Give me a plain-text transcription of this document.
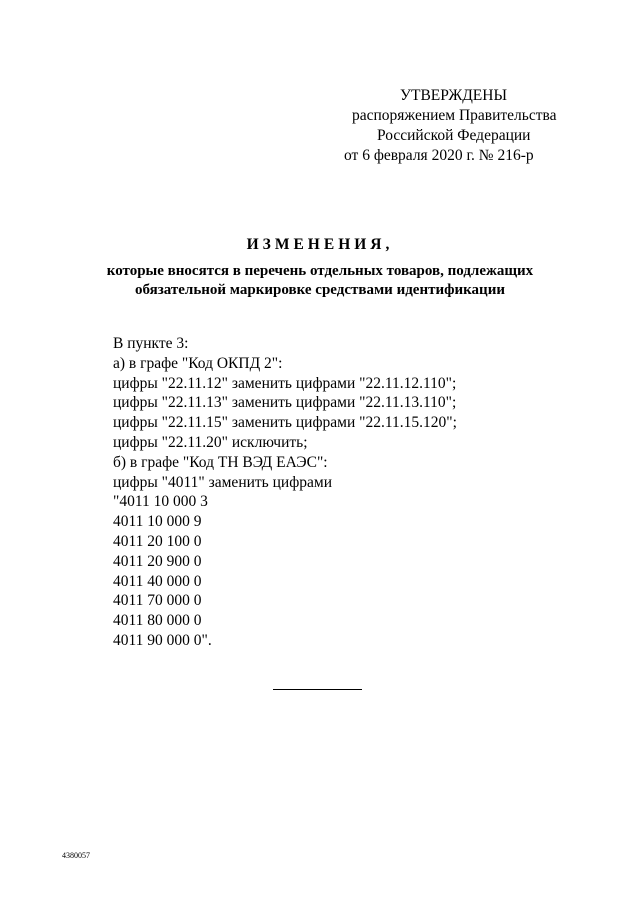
УТВЕРЖДЕНЫ
распоряжением Правительства
Российской Федерации
от 6 февраля 2020 г. № 216-р
ИЗМЕНЕНИЯ,
которые вносятся в перечень отдельных товаров, подлежащих
обязательной маркировке средствами идентификации
В пункте 3:
а) в графе "Код ОКПД 2":
цифры "22.11.12" заменить цифрами "22.11.12.110";
цифры "22.11.13" заменить цифрами "22.11.13.110";
цифры "22.11.15" заменить цифрами "22.11.15.120";
цифры "22.11.20" исключить;
б) в графе "Код ТН ВЭД ЕАЭС":
цифры "4011" заменить цифрами
"4011 10 000 3
4011 10 000 9
4011 20 100 0
4011 20 900 0
4011 40 000 0
4011 70 000 0
4011 80 000 0
4011 90 000 0".
4380057
